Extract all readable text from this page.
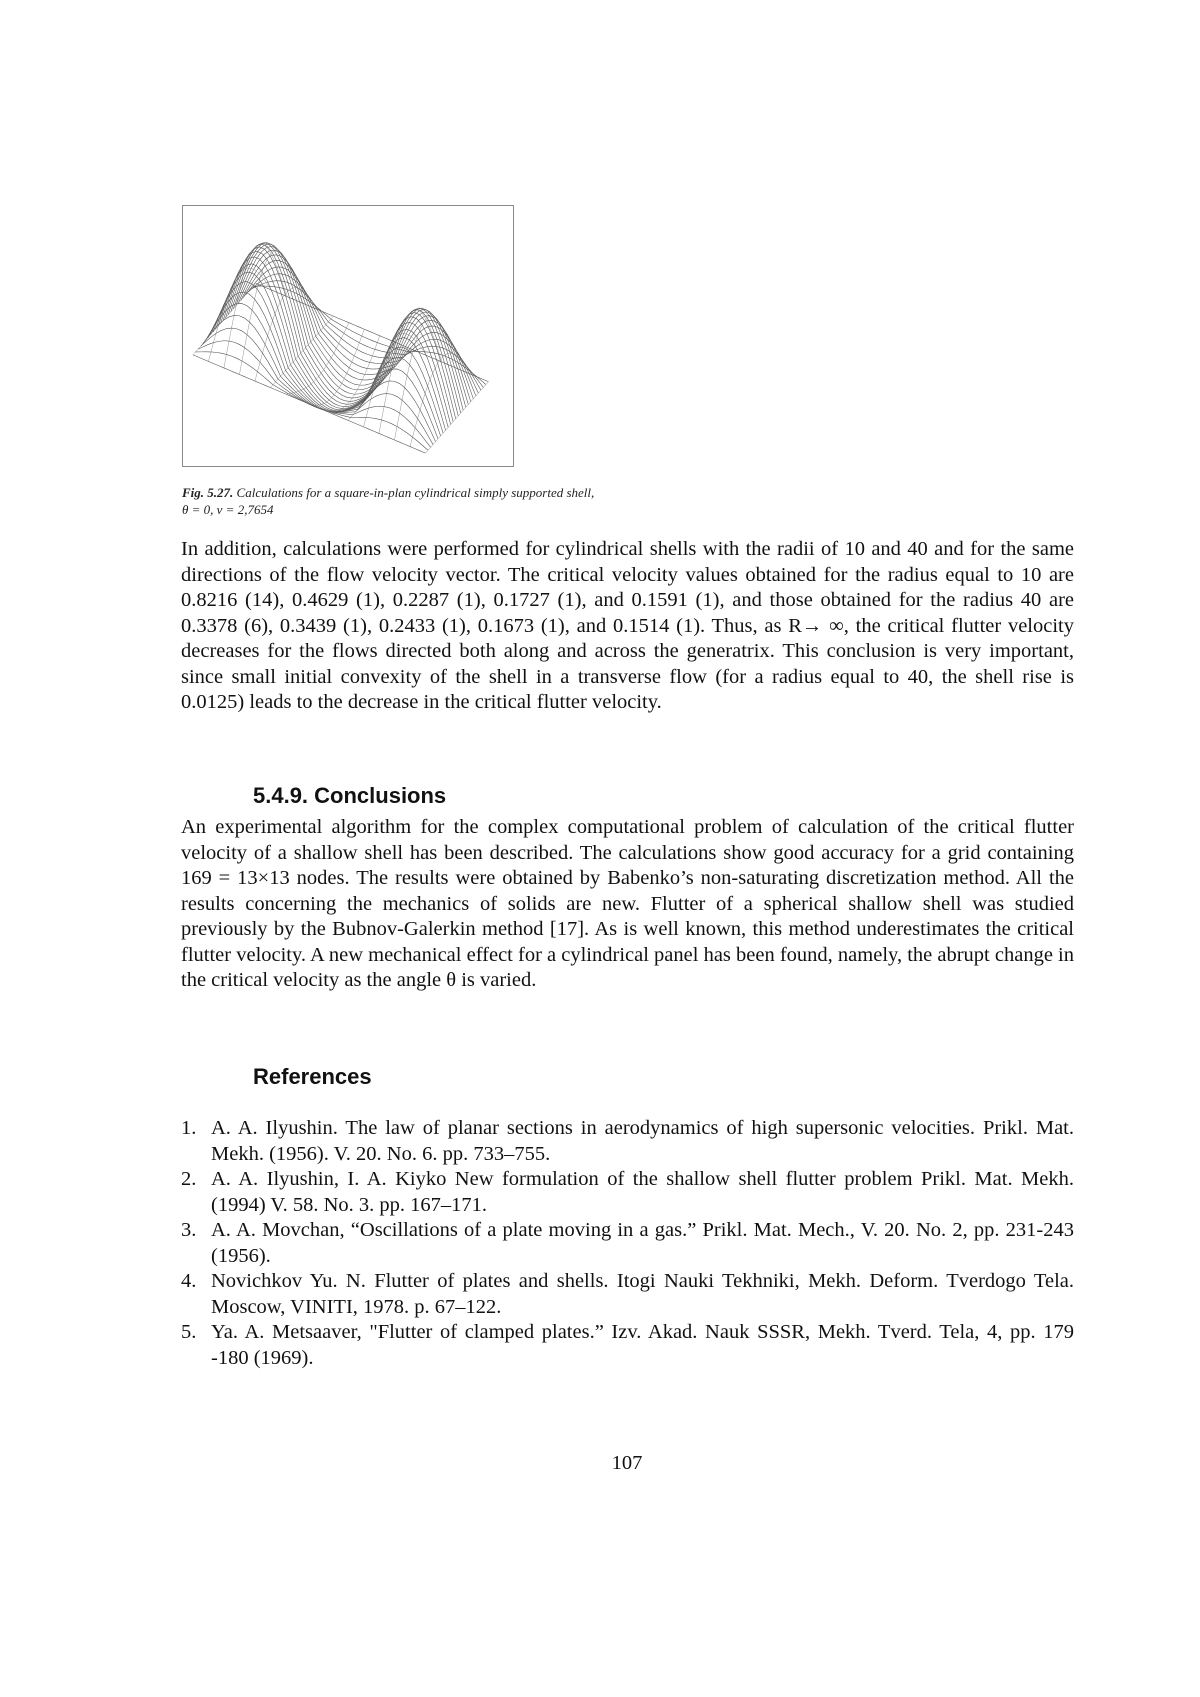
Fig. 5.27. Calculations for a square-in-plan cylindrical simply supported shell,
θ = 0, v = 2,7654

In addition, calculations were performed for cylindrical shells with the radii of 10 and 40 and for the same directions of the flow velocity vector. The critical velocity values obtained for the radius equal to 10 are 0.8216 (14), 0.4629 (1), 0.2287 (1), 0.1727 (1), and 0.1591 (1), and those obtained for the radius 40 are 0.3378 (6), 0.3439 (1), 0.2433 (1), 0.1673 (1), and 0.1514 (1). Thus, as R→ ∞, the critical flutter velocity decreases for the flows directed both along and across the generatrix. This conclusion is very important, since small initial convexity of the shell in a transverse flow (for a radius equal to 40, the shell rise is 0.0125) leads to the decrease in the critical flutter velocity.

5.4.9. Conclusions

An experimental algorithm for the complex computational problem of calculation of the critical flutter velocity of a shallow shell has been described. The calculations show good accuracy for a grid containing 169 = 13×13 nodes. The results were obtained by Babenko’s non-saturating discretization method. All the results concerning the mechanics of solids are new. Flutter of a spherical shallow shell was studied previously by the Bubnov-Galerkin method [17]. As is well known, this method underestimates the critical flutter velocity. A new mechanical effect for a cylindrical panel has been found, namely, the abrupt change in the critical velocity as the angle θ is varied.

References
1. A. A. Ilyushin. The law of planar sections in aerodynamics of high supersonic velocities. Prikl. Mat. Mekh. (1956). V. 20. No. 6. pp. 733–755.
2. A. A. Ilyushin, I. A. Kiyko New formulation of the shallow shell flutter problem Prikl. Mat. Mekh. (1994) V. 58. No. 3. pp. 167–171.
3. A. A. Movchan, “Oscillations of a plate moving in a gas.” Prikl. Mat. Mech., V. 20. No. 2, pp. 231-243 (1956).
4. Novichkov Yu. N. Flutter of plates and shells. Itogi Nauki Tekhniki, Mekh. Deform. Tverdogo Tela. Moscow, VINITI, 1978. p. 67–122.
5. Ya. A. Metsaaver, "Flutter of clamped plates.” Izv. Akad. Nauk SSSR, Mekh. Tverd. Tela, 4, pp. 179 -180 (1969).
107
